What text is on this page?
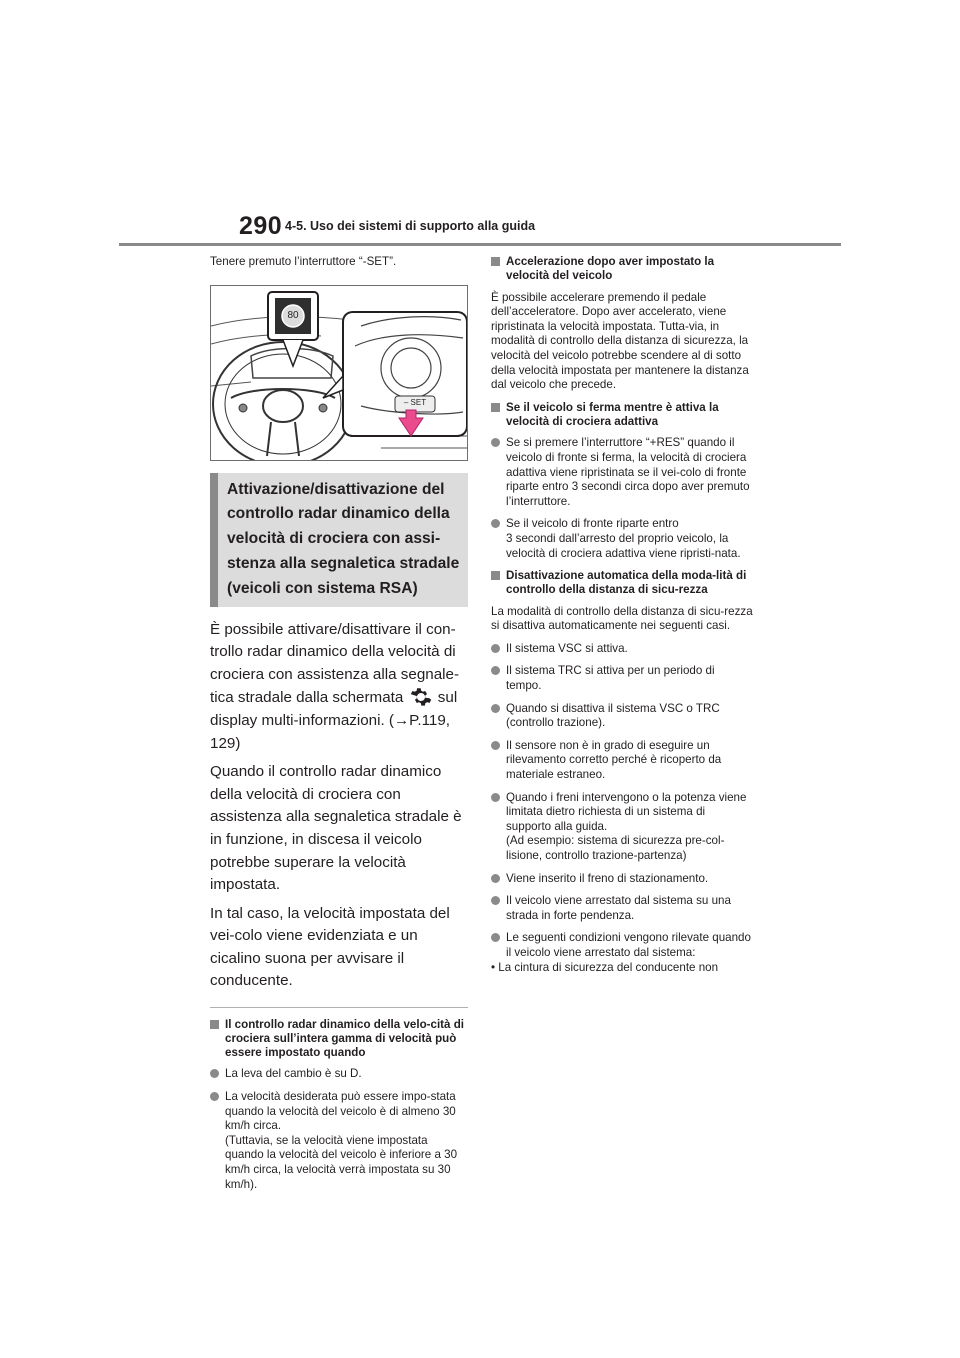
290 4-5. Uso dei sistemi di supporto alla guida
Tenere premuto l’interruttore “-SET”.
80
– SET
Attivazione/disattivazione del controllo radar dinamico della velocità di crociera con assi-stenza alla segnaletica stradale (veicoli con sistema RSA)
È possibile attivare/disattivare il con-trollo radar dinamico della velocità di crociera con assistenza alla segnale-tica stradale dalla schermata sul display multi-informazioni. (→P.119, 129)
Quando il controllo radar dinamico della velocità di crociera con assistenza alla segnaletica stradale è in funzione, in discesa il veicolo potrebbe superare la velocità impostata.
In tal caso, la velocità impostata del vei-colo viene evidenziata e un cicalino suona per avvisare il conducente.
Il controllo radar dinamico della velo-cità di crociera sull’intera gamma di velocità può essere impostato quando
La leva del cambio è su D.
La velocità desiderata può essere impo-stata quando la velocità del veicolo è di almeno 30 km/h circa.
(Tuttavia, se la velocità viene impostata quando la velocità del veicolo è inferiore a 30 km/h circa, la velocità verrà impostata su 30 km/h).
Accelerazione dopo aver impostato la velocità del veicolo
È possibile accelerare premendo il pedale dell’acceleratore. Dopo aver accelerato, viene ripristinata la velocità impostata. Tutta-via, in modalità di controllo della distanza di sicurezza, la velocità del veicolo potrebbe scendere al di sotto della velocità impostata per mantenere la distanza dal veicolo che precede.
Se il veicolo si ferma mentre è attiva la velocità di crociera adattiva
Se si premere l’interruttore “+RES” quando il veicolo di fronte si ferma, la velocità di crociera adattiva viene ripristinata se il vei-colo di fronte riparte entro 3 secondi circa dopo aver premuto l’interruttore.
Se il veicolo di fronte riparte entro
3 secondi dall’arresto del proprio veicolo, la velocità di crociera adattiva viene ripristi-nata.
Disattivazione automatica della moda-lità di controllo della distanza di sicu-rezza
La modalità di controllo della distanza di sicu-rezza si disattiva automaticamente nei seguenti casi.
Il sistema VSC si attiva.
Il sistema TRC si attiva per un periodo di tempo.
Quando si disattiva il sistema VSC o TRC (controllo trazione).
Il sensore non è in grado di eseguire un rilevamento corretto perché è ricoperto da materiale estraneo.
Quando i freni intervengono o la potenza viene limitata dietro richiesta di un sistema di supporto alla guida.
(Ad esempio: sistema di sicurezza pre-col-lisione, controllo trazione-partenza)
Viene inserito il freno di stazionamento.
Il veicolo viene arrestato dal sistema su una strada in forte pendenza.
Le seguenti condizioni vengono rilevate quando il veicolo viene arrestato dal sistema:
• La cintura di sicurezza del conducente non
